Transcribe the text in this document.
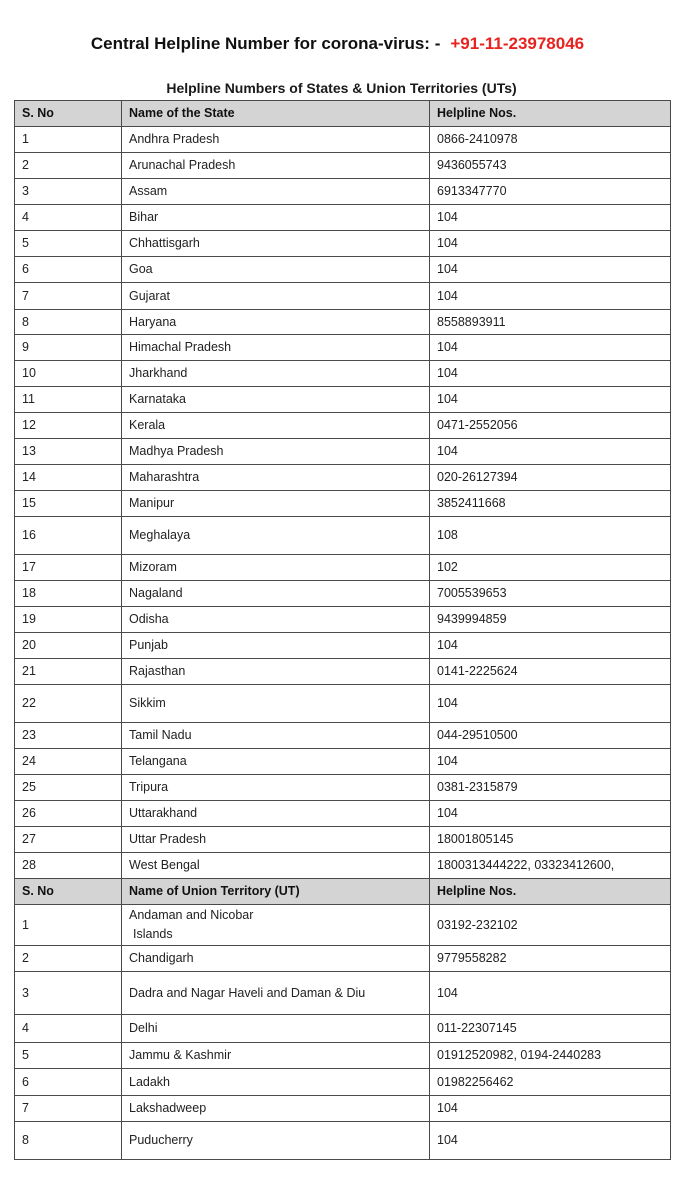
Central Helpline Number for corona-virus: - +91-11-23978046
Helpline Numbers of States & Union Territories (UTs)
S. No	Name of the State	Helpline Nos.
1	Andhra Pradesh	0866-2410978
2	Arunachal Pradesh	9436055743
3	Assam	6913347770
4	Bihar	104
5	Chhattisgarh	104
6	Goa	104
7	Gujarat	104
8	Haryana	8558893911
9	Himachal Pradesh	104
10	Jharkhand	104
11	Karnataka	104
12	Kerala	0471-2552056
13	Madhya Pradesh	104
14	Maharashtra	020-26127394
15	Manipur	3852411668
16	Meghalaya	108
17	Mizoram	102
18	Nagaland	7005539653
19	Odisha	9439994859
20	Punjab	104
21	Rajasthan	0141-2225624
22	Sikkim	104
23	Tamil Nadu	044-29510500
24	Telangana	104
25	Tripura	0381-2315879
26	Uttarakhand	104
27	Uttar Pradesh	18001805145
28	West Bengal	1800313444222, 03323412600,
S. No	Name of Union Territory (UT)	Helpline Nos.
1	Andaman and Nicobar
Islands	03192-232102
2	Chandigarh	9779558282
3	Dadra and Nagar Haveli and Daman & Diu	104
4	Delhi	011-22307145
5	Jammu & Kashmir	01912520982, 0194-2440283
6	Ladakh	01982256462
7	Lakshadweep	104
8	Puducherry	104
